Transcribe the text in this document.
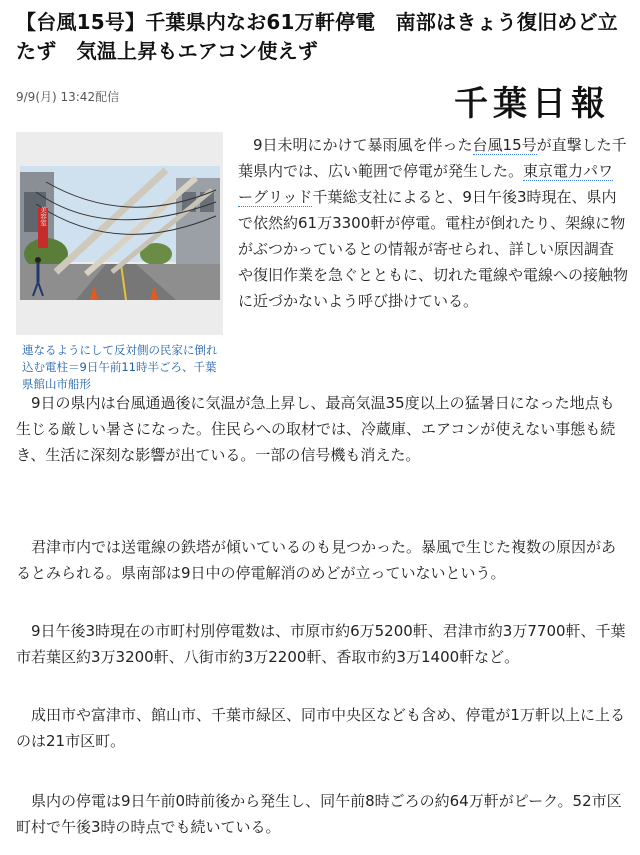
【台風15号】千葉県内なお61万軒停電　南部はきょう復旧めど立たず　気温上昇もエアコン使えず
9/9(月) 13:42配信	千葉日報
美容室
連なるようにして反対側の民家に倒れ込む電柱＝9日午前11時半ごろ、千葉県館山市船形
　9日未明にかけて暴雨風を伴った台風15号が直撃した千葉県内では、広い範囲で停電が発生した。東京電力パワーグリッド千葉総支社によると、9日午後3時現在、県内で依然約61万3300軒が停電。電柱が倒れたり、架線に物がぶつかっているとの情報が寄せられ、詳しい原因調査や復旧作業を急ぐとともに、切れた電線や電線への接触物に近づかないよう呼び掛けている。

　9日の県内は台風通過後に気温が急上昇し、最高気温35度以上の猛暑日になった地点も生じる厳しい暑さになった。住民らへの取材では、冷蔵庫、エアコンが使えない事態も続き、生活に深刻な影響が出ている。一部の信号機も消えた。

　君津市内では送電線の鉄塔が傾いているのも見つかった。暴風で生じた複数の原因があるとみられる。県南部は9日中の停電解消のめどが立っていないという。

　9日午後3時現在の市町村別停電数は、市原市約6万5200軒、君津市約3万7700軒、千葉市若葉区約3万3200軒、八街市約3万2200軒、香取市約3万1400軒など。

　成田市や富津市、館山市、千葉市緑区、同市中央区なども含め、停電が1万軒以上に上るのは21市区町。

　県内の停電は9日午前0時前後から発生し、同午前8時ごろの約64万軒がピーク。52市区町村で午後3時の時点でも続いている。
